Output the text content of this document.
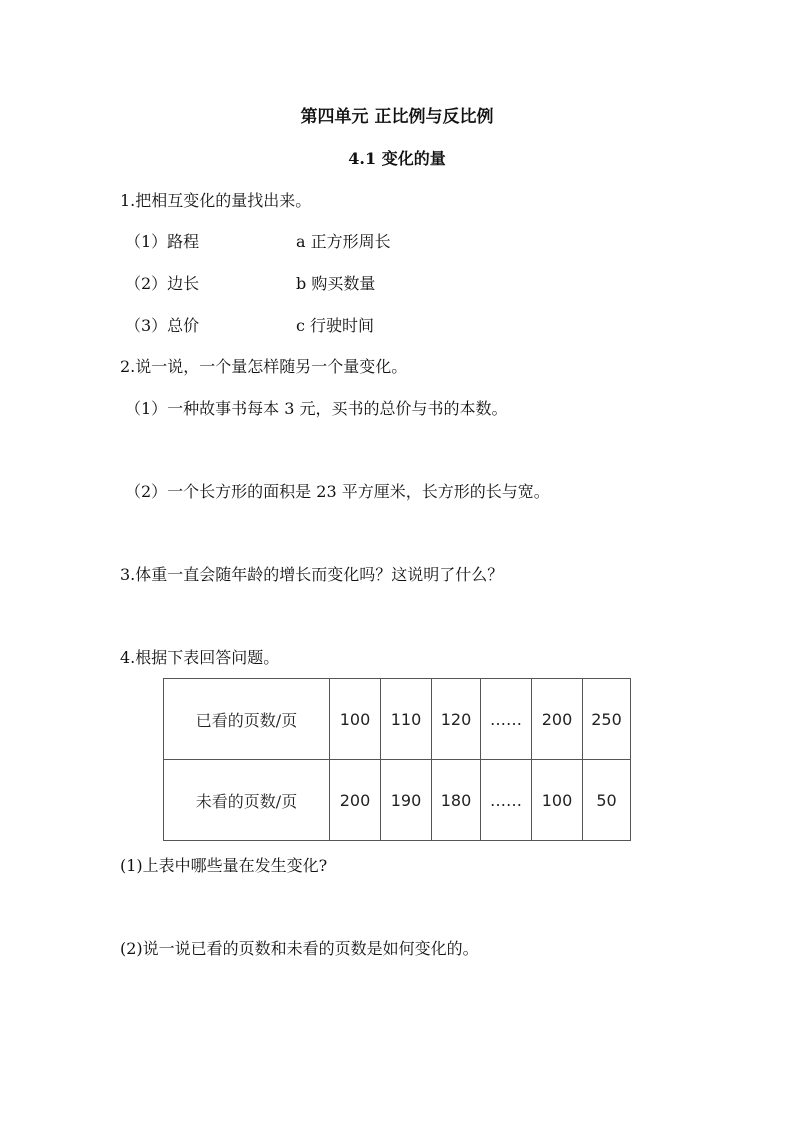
第四单元 正比例与反比例
4.1 变化的量
1.把相互变化的量找出来。
（1）路程	a 正方形周长
（2）边长	b 购买数量
（3）总价	c 行驶时间
2.说一说，一个量怎样随另一个量变化。
（1）一种故事书每本 3 元，买书的总价与书的本数。
（2）一个长方形的面积是 23 平方厘米，长方形的长与宽。
3.体重一直会随年龄的增长而变化吗？这说明了什么？
4.根据下表回答问题。
已看的页数/页	100	110	120	……	200	250
未看的页数/页	200	190	180	……	100	50
(1)上表中哪些量在发生变化?
(2)说一说已看的页数和未看的页数是如何变化的。
